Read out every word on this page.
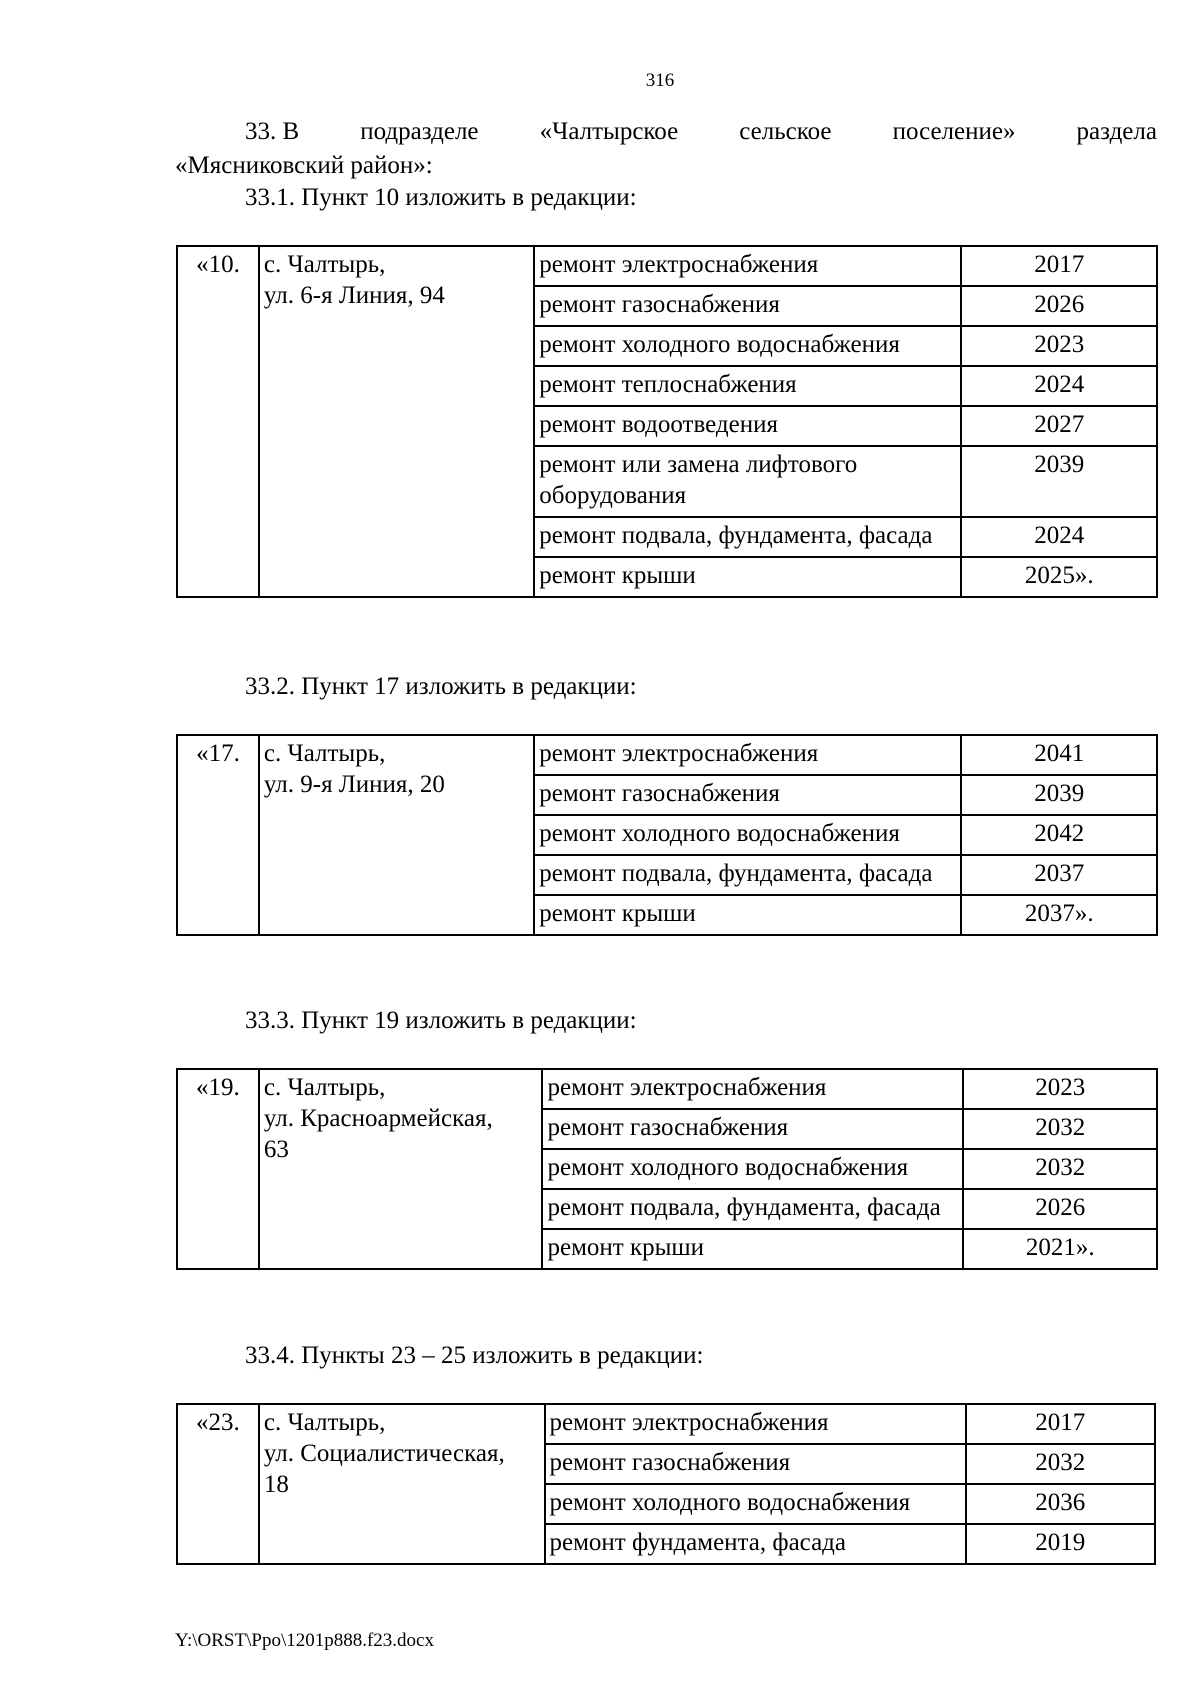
316
33. В подразделе «Чалтырское сельское поселение» раздела
«Мясниковский район»:
33.1. Пункт 10 изложить в редакции:
«10.	с. Чалтырь,
ул. 6-я Линия, 94	ремонт электроснабжения	2017
		ремонт газоснабжения	2026
		ремонт холодного водоснабжения	2023
		ремонт теплоснабжения	2024
		ремонт водоотведения	2027
		ремонт или замена лифтового оборудования	2039
		ремонт подвала, фундамента, фасада	2024
		ремонт крыши	2025».
33.2. Пункт 17 изложить в редакции:
«17.	с. Чалтырь,
ул. 9-я Линия, 20	ремонт электроснабжения	2041
		ремонт газоснабжения	2039
		ремонт холодного водоснабжения	2042
		ремонт подвала, фундамента, фасада	2037
		ремонт крыши	2037».
33.3. Пункт 19 изложить в редакции:
«19.	с. Чалтырь,
ул. Красноармейская,
63	ремонт электроснабжения	2023
		ремонт газоснабжения	2032
		ремонт холодного водоснабжения	2032
		ремонт подвала, фундамента, фасада	2026
		ремонт крыши	2021».
33.4. Пункты 23 – 25 изложить в редакции:
«23.	с. Чалтырь,
ул. Социалистическая,
18	ремонт электроснабжения	2017
		ремонт газоснабжения	2032
		ремонт холодного водоснабжения	2036
		ремонт фундамента, фасада	2019
Y:\ORST\Ppo\1201p888.f23.docx
